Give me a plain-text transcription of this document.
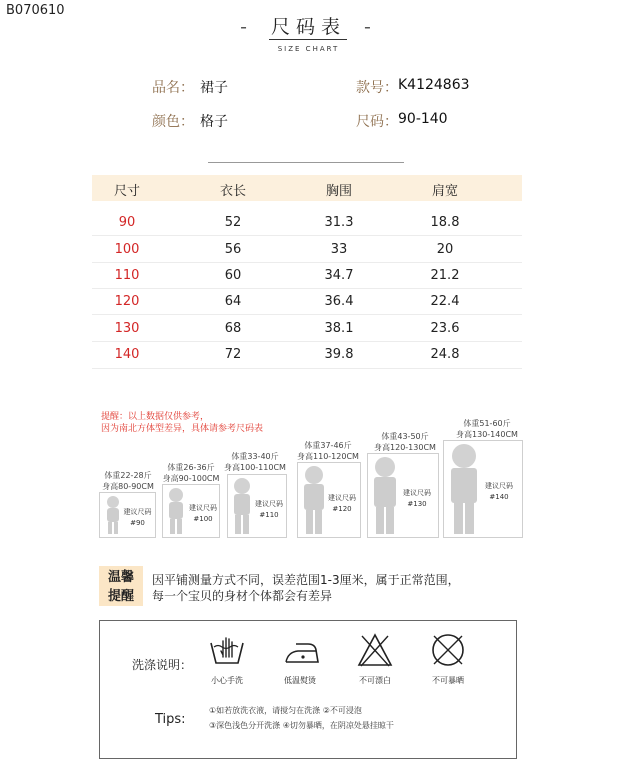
B070610
- 尺码表 -
SIZE CHART
品名： 裙子	款号： K4124863
颜色： 格子	尺码： 90-140
尺寸	衣长	胸围	肩宽
90	52	31.3	18.8
100	56	33	20
110	60	34.7	21.2
120	64	36.4	22.4
130	68	38.1	23.6
140	72	39.8	24.8
提醒：以上数据仅供参考，
因为南北方体型差异，具体请参考尺码表
体重22-28斤
身高80-90CM
建议尺码
#90
体重26-36斤
身高90-100CM
建议尺码
#100
体重33-40斤
身高100-110CM
建议尺码
#110
体重37-46斤
身高110-120CM
建议尺码
#120
体重43-50斤
身高120-130CM
建议尺码
#130
体重51-60斤
身高130-140CM
建议尺码
#140
温馨
提醒
因平铺测量方式不同，误差范围1-3厘米，属于正常范围，
每一个宝贝的身材个体都会有差异
洗涤说明：
小心手洗	低温熨烫	不可漂白	不可暴晒
Tips:
①如若放洗衣液，请搅匀在洗涤 ②不可浸泡
③深色浅色分开洗涤 ④切勿暴晒，在阴凉处悬挂晾干
